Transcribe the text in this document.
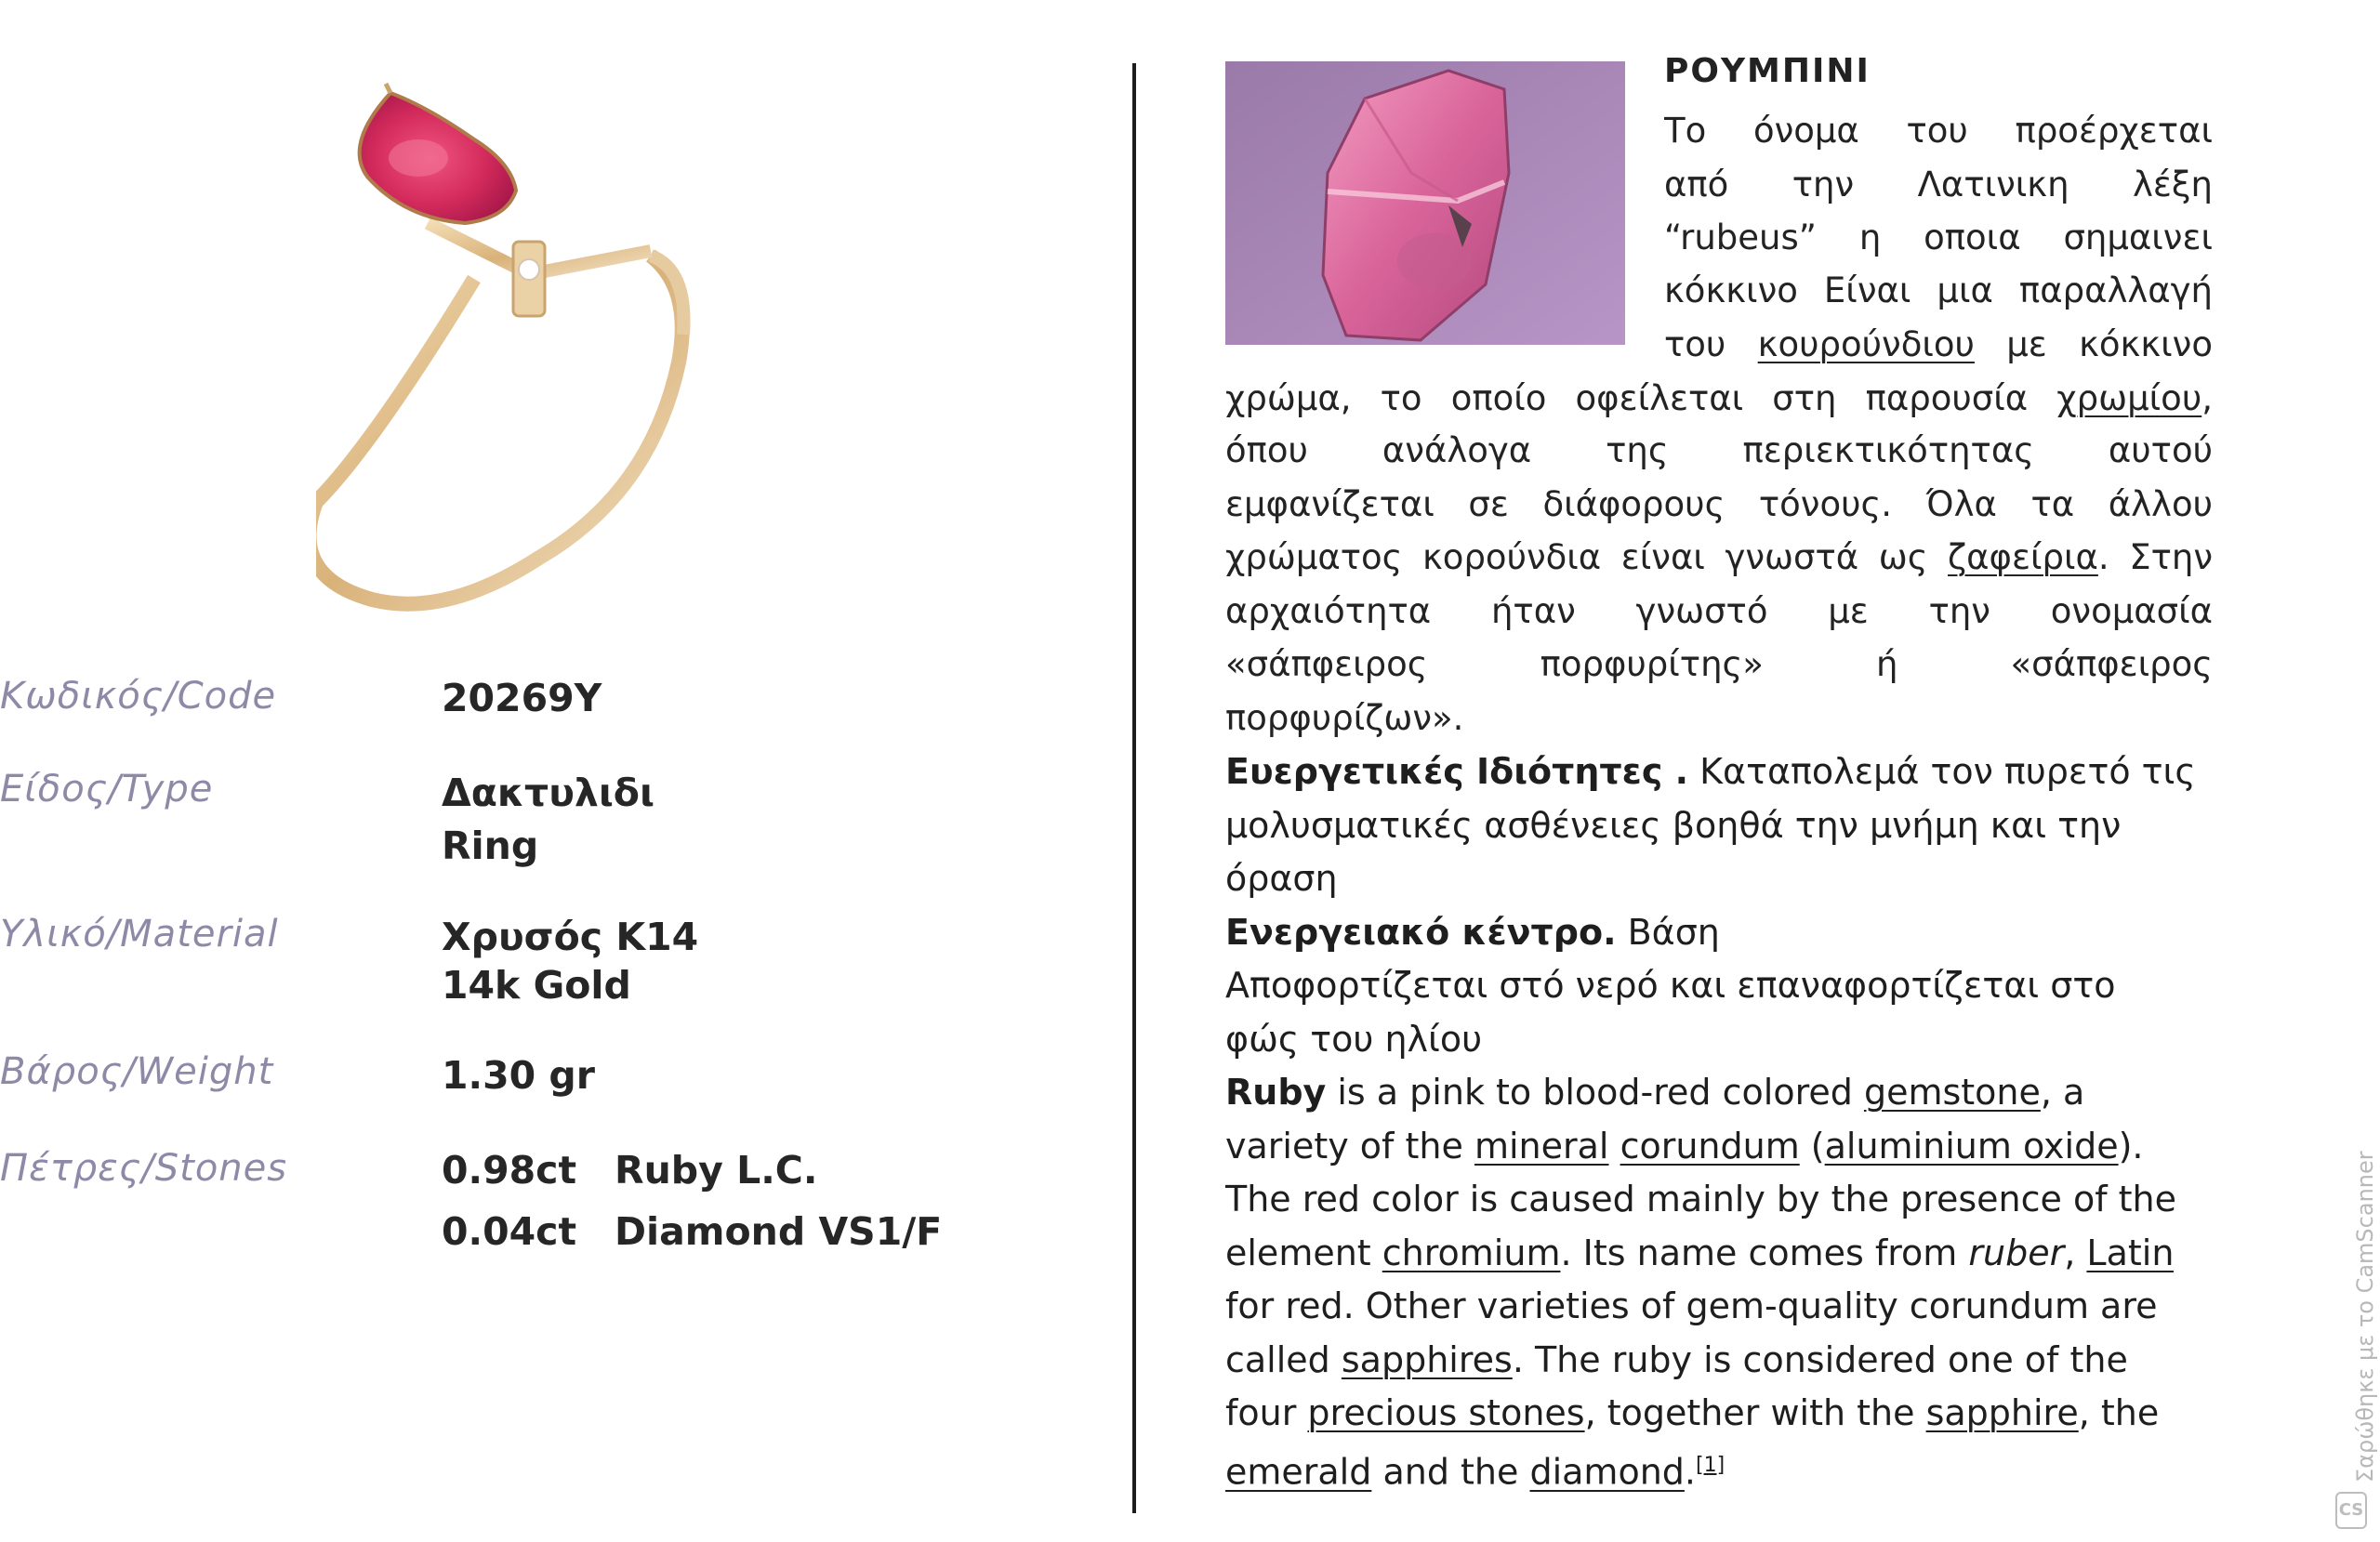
Κωδικός/Code	20269Y
Είδος/Type	Δακτυλιδι
Ring
Υλικό/Material	Χρυσός Κ14
14k Gold
Βάρος/Weight	1.30 gr
Πέτρες/Stones	0.98ct Ruby L.C.
0.04ct Diamond VS1/F
ΡΟΥΜΠΙΝΙ
Το όνομα του προέρχεται
από την Λατινικη λέξη
“rubeus” η οποια σημαινει
κόκκινο Είναι μια παραλλαγή
του κουρούνδιου με κόκκινο
χρώμα, το οποίο οφείλεται στη παρουσία χρωμίου,
όπου ανάλογα της περιεκτικότητας αυτού
εμφανίζεται σε διάφορους τόνους. Όλα τα άλλου
χρώματος κορούνδια είναι γνωστά ως ζαφείρια. Στην
αρχαιότητα ήταν γνωστό με την ονομασία
«σάπφειρος πορφυρίτης» ή «σάπφειρος
πορφυρίζων».
Ευεργετικές Ιδιότητες . Καταπολεμά τον πυρετό τις
μολυσματικές ασθένειες βοηθά την μνήμη και την
όραση
Ενεργειακό κέντρο. Βάση
Αποφορτίζεται στό νερό και επαναφορτίζεται στο
φώς του ηλίου
Ruby is a pink to blood-red colored gemstone, a
variety of the mineral corundum (aluminium oxide).
The red color is caused mainly by the presence of the
element chromium. Its name comes from ruber, Latin
for red. Other varieties of gem-quality corundum are
called sapphires. The ruby is considered one of the
four precious stones, together with the sapphire, the
emerald and the diamond.[1]	Σαρώθηκε με το CamScanner
CS
